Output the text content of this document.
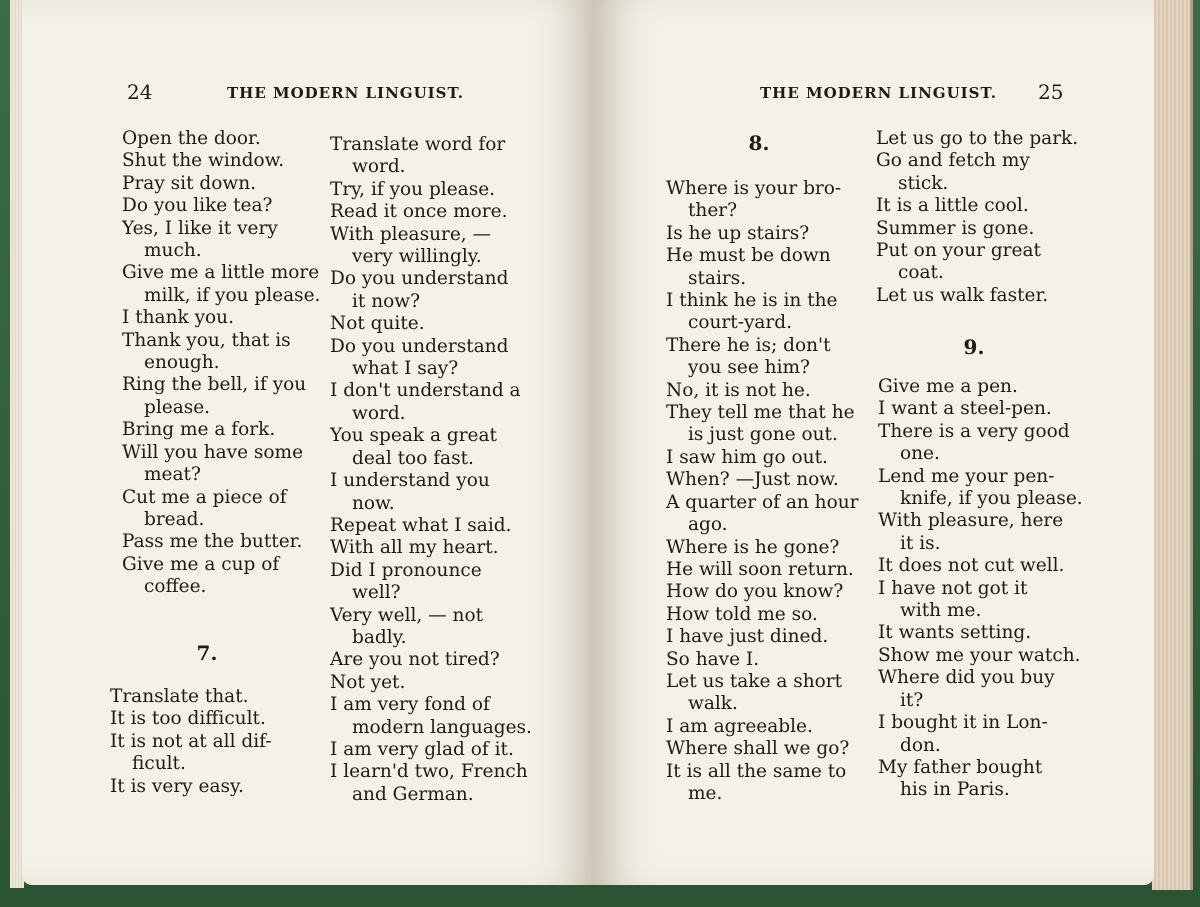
24	THE MODERN LINGUIST.
Open the door.
Shut the window.
Pray sit down.
Do you like tea?
Yes, I like it very
much.
Give me a little more
milk, if you please.
I thank you.
Thank you, that is
enough.
Ring the bell, if you
please.
Bring me a fork.
Will you have some
meat?
Cut me a piece of
bread.
Pass me the butter.
Give me a cup of
coffee.
7.
Translate that.
It is too difficult.
It is not at all dif-
ficult.
It is very easy.
Translate word for
word.
Try, if you please.
Read it once more.
With pleasure, —
very willingly.
Do you understand
it now?
Not quite.
Do you understand
what I say?
I don't understand a
word.
You speak a great
deal too fast.
I understand you
now.
Repeat what I said.
With all my heart.
Did I pronounce
well?
Very well, — not
badly.
Are you not tired?
Not yet.
I am very fond of
modern languages.
I am very glad of it.
I learn'd two, French
and German.
THE MODERN LINGUIST. 25
8.
Where is your bro-
ther?
Is he up stairs?
He must be down
stairs.
I think he is in the
court-yard.
There he is; don't
you see him?
No, it is not he.
They tell me that he
is just gone out.
I saw him go out.
When? —Just now.
A quarter of an hour
ago.
Where is he gone?
He will soon return.
How do you know?
How told me so.
I have just dined.
So have I.
Let us take a short
walk.
I am agreeable.
Where shall we go?
It is all the same to
me.
Let us go to the park.
Go and fetch my
stick.
It is a little cool.
Summer is gone.
Put on your great
coat.
Let us walk faster.
9.
Give me a pen.
I want a steel-pen.
There is a very good
one.
Lend me your pen-
knife, if you please.
With pleasure, here
it is.
It does not cut well.
I have not got it
with me.
It wants setting.
Show me your watch.
Where did you buy
it?
I bought it in Lon-
don.
My father bought
his in Paris.
